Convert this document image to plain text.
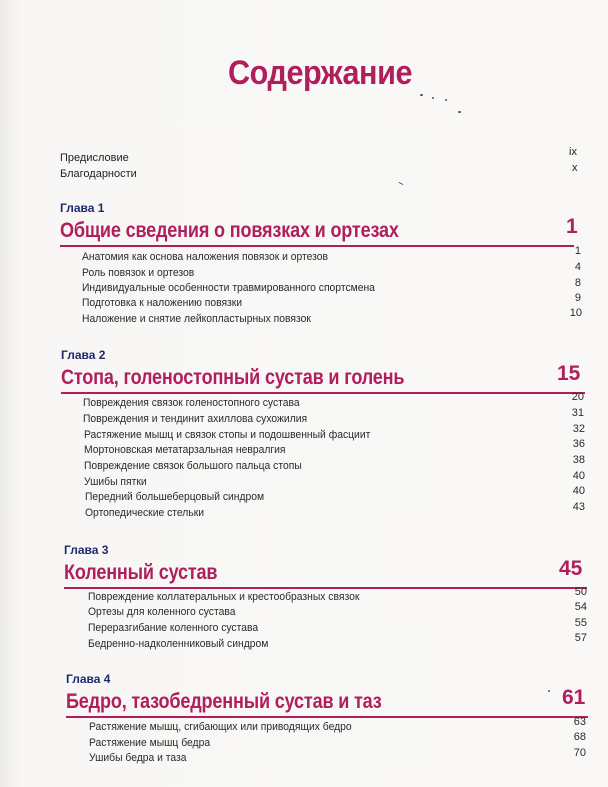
Содержание
Предисловие	ix
Благодарности	x
Глава 1
Общие сведения о повязках и ортезах	1
Анатомия как основа наложения повязок и ортезов	1
Роль повязок и ортезов	4
Индивидуальные особенности травмированного спортсмена	8
Подготовка к наложению повязки	9
Наложение и снятие лейкопластырных повязок	10
Глава 2
Стопа, голеностопный сустав и голень	15
Повреждения связок голеностопного сустава	20
Повреждения и тендинит ахиллова сухожилия	31
Растяжение мышц и связок стопы и подошвенный фасциит	32
Мортоновская метатарзальная невралгия	36
Повреждение связок большого пальца стопы	38
Ушибы пятки	40
Передний большеберцовый синдром	40
Ортопедические стельки	43
Глава 3
Коленный сустав	45
Повреждение коллатеральных и крестообразных связок	50
Ортезы для коленного сустава	54
Переразгибание коленного сустава	55
Бедренно-надколенниковый синдром	57
Глава 4
Бедро, тазобедренный сустав и таз	61
Растяжение мышц, сгибающих или приводящих бедро	63
Растяжение мышц бедра	68
Ушибы бедра и таза	70
